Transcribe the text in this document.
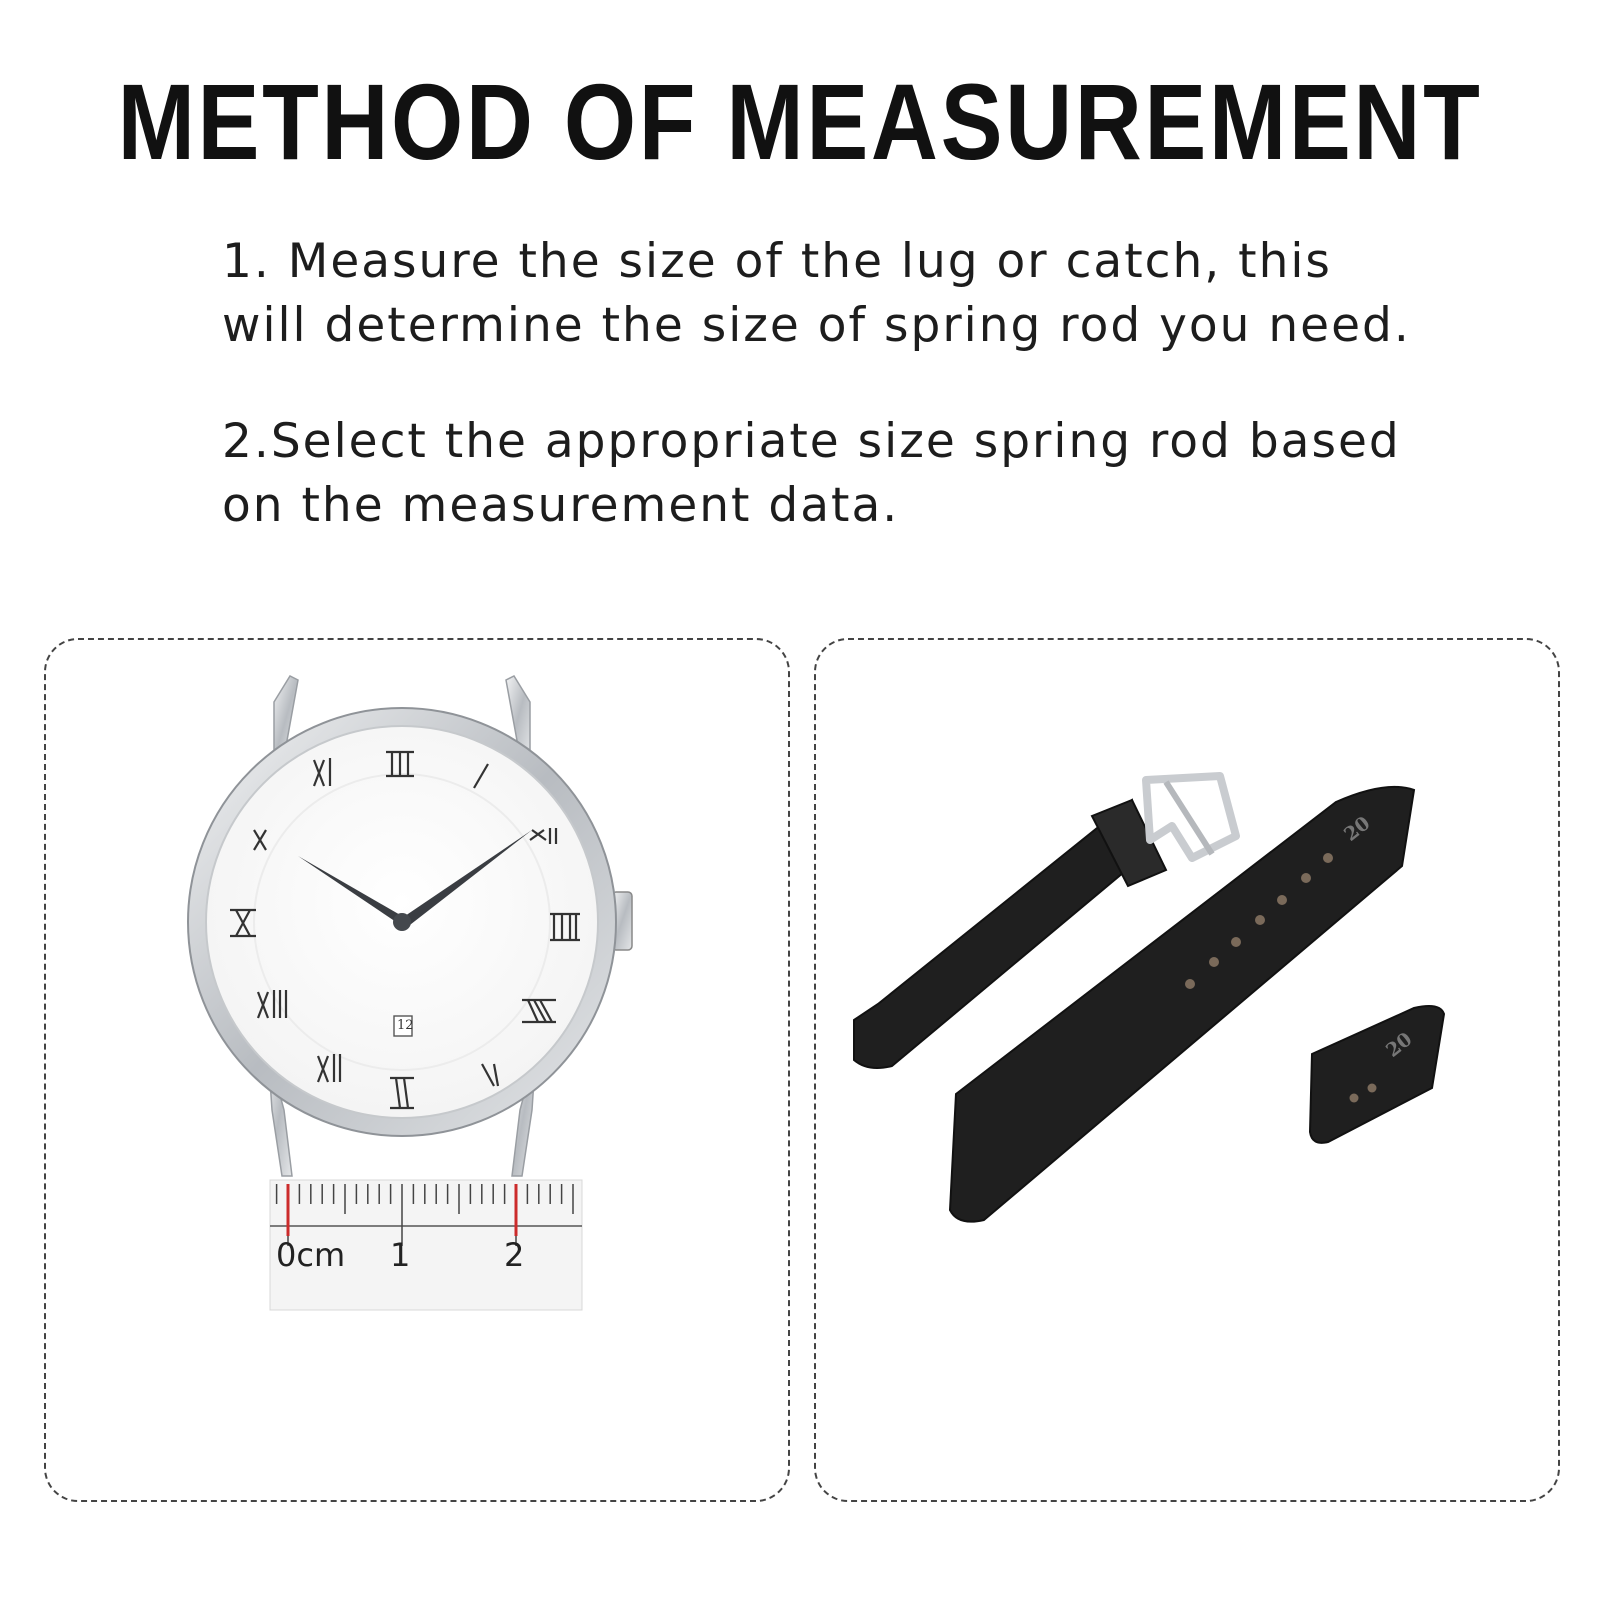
METHOD OF MEASUREMENT
1. Measure the size of the lug or catch, this
will determine the size of spring rod you need.
2.Select the appropriate size spring rod based
on the measurement data.
12
0cm 1	2
20
20
